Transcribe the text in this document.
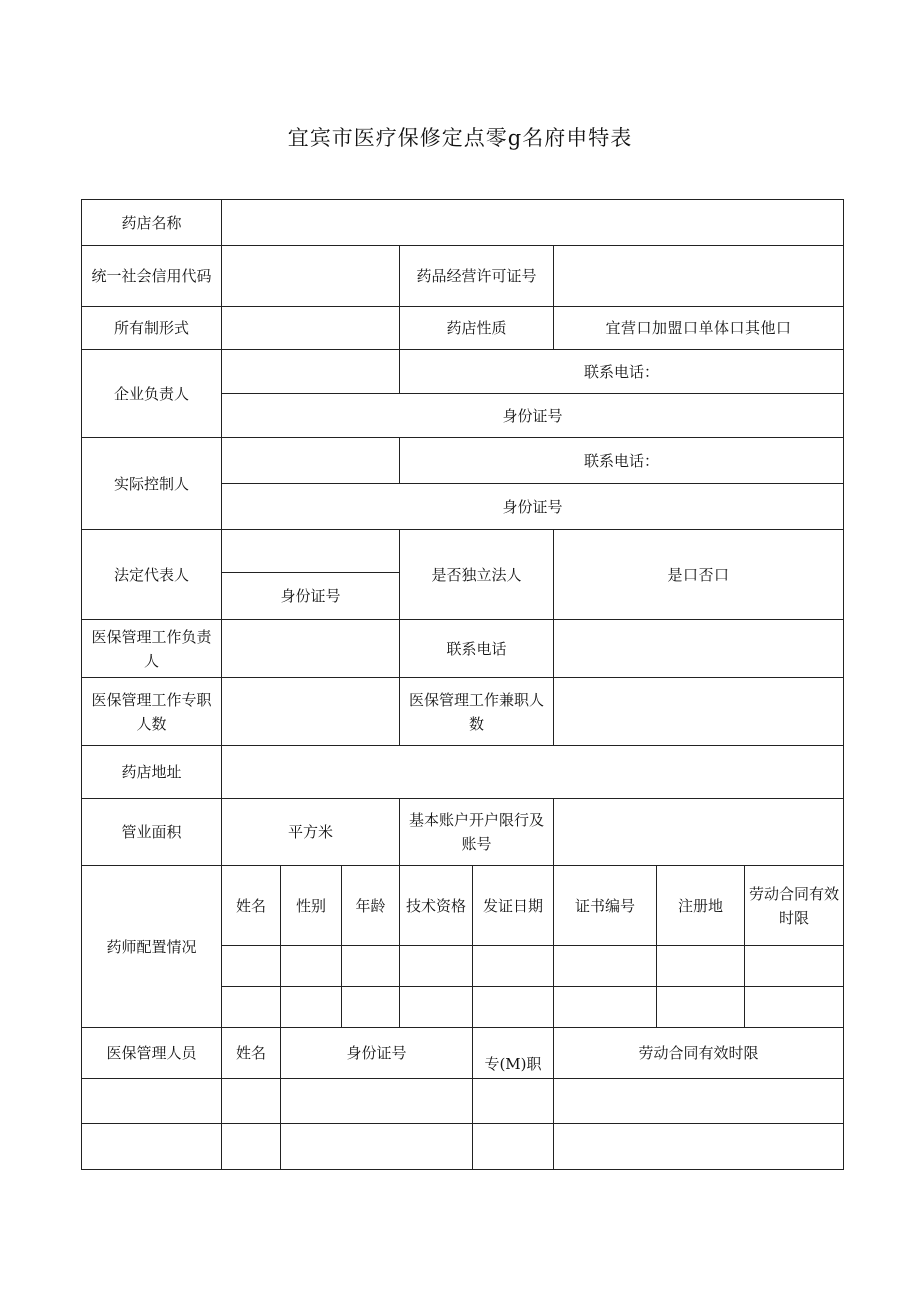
宜宾市医疗保修定点零g名府申特表
药店名称								
统一社会信用代码				药品经营许可证号				
所有制形式				药店性质		宜营口加盟口单体口其他口		
企业负责人				联系电话：				
	身份证号							
实际控制人				联系电话：				
	身份证号							
法定代表人				是否独立法人		是口否口		
	身份证号							
医保管理工作负责人				联系电话				
医保管理工作专职人数				医保管理工作兼职人数				
药店地址								
管业面积	平方米			基本账户开户限行及账号				
药师配置情况	姓名	性别	年龄	技术资格	发证日期	证书编号	注册地	劳动合同有效时限

医保管理人员	姓名	身份证号			专(M)职	劳动合同有效时限		
